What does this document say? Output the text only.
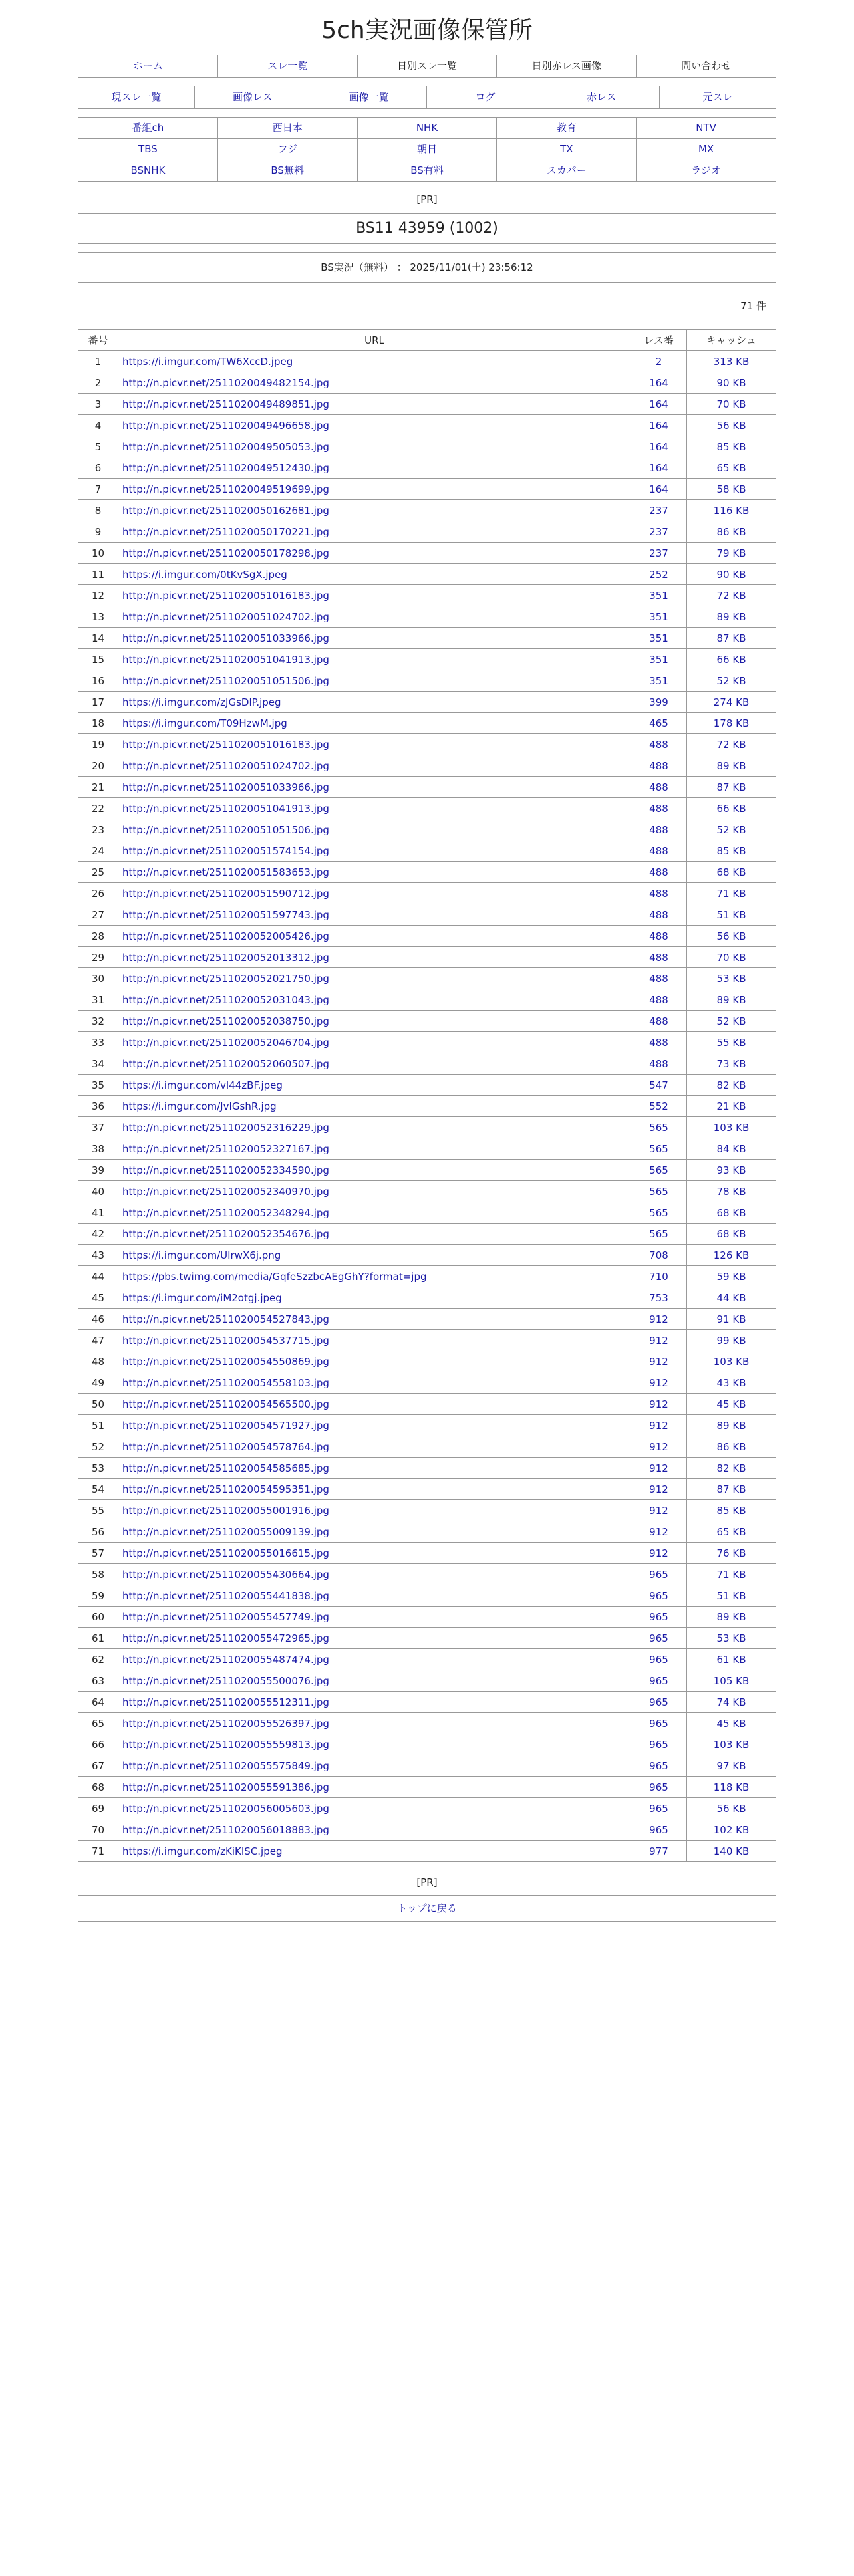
5ch実況画像保管所
ホーム	スレ一覧	日別スレ一覧	日別赤レス画像	問い合わせ
現スレ一覧	画像レス	画像一覧	ログ	赤レス	元スレ
番組ch	西日本	NHK	教育	NTV
TBS	フジ	朝日	TX	MX
BSNHK	BS無料	BS有料	スカパー	ラジオ
[PR]
BS11 43959 (1002)
BS実況（無料） ： 2025/11/01(土) 23:56:12
71 件
番号	URL	レス番	キャッシュ
1	https://i.imgur.com/TW6XccD.jpeg	2	313 KB
2	http://n.picvr.net/2511020049482154.jpg	164	90 KB
3	http://n.picvr.net/2511020049489851.jpg	164	70 KB
4	http://n.picvr.net/2511020049496658.jpg	164	56 KB
5	http://n.picvr.net/2511020049505053.jpg	164	85 KB
6	http://n.picvr.net/2511020049512430.jpg	164	65 KB
7	http://n.picvr.net/2511020049519699.jpg	164	58 KB
8	http://n.picvr.net/2511020050162681.jpg	237	116 KB
9	http://n.picvr.net/2511020050170221.jpg	237	86 KB
10	http://n.picvr.net/2511020050178298.jpg	237	79 KB
11	https://i.imgur.com/0tKvSgX.jpeg	252	90 KB
12	http://n.picvr.net/2511020051016183.jpg	351	72 KB
13	http://n.picvr.net/2511020051024702.jpg	351	89 KB
14	http://n.picvr.net/2511020051033966.jpg	351	87 KB
15	http://n.picvr.net/2511020051041913.jpg	351	66 KB
16	http://n.picvr.net/2511020051051506.jpg	351	52 KB
17	https://i.imgur.com/zJGsDlP.jpeg	399	274 KB
18	https://i.imgur.com/T09HzwM.jpg	465	178 KB
19	http://n.picvr.net/2511020051016183.jpg	488	72 KB
20	http://n.picvr.net/2511020051024702.jpg	488	89 KB
21	http://n.picvr.net/2511020051033966.jpg	488	87 KB
22	http://n.picvr.net/2511020051041913.jpg	488	66 KB
23	http://n.picvr.net/2511020051051506.jpg	488	52 KB
24	http://n.picvr.net/2511020051574154.jpg	488	85 KB
25	http://n.picvr.net/2511020051583653.jpg	488	68 KB
26	http://n.picvr.net/2511020051590712.jpg	488	71 KB
27	http://n.picvr.net/2511020051597743.jpg	488	51 KB
28	http://n.picvr.net/2511020052005426.jpg	488	56 KB
29	http://n.picvr.net/2511020052013312.jpg	488	70 KB
30	http://n.picvr.net/2511020052021750.jpg	488	53 KB
31	http://n.picvr.net/2511020052031043.jpg	488	89 KB
32	http://n.picvr.net/2511020052038750.jpg	488	52 KB
33	http://n.picvr.net/2511020052046704.jpg	488	55 KB
34	http://n.picvr.net/2511020052060507.jpg	488	73 KB
35	https://i.imgur.com/vl44zBF.jpeg	547	82 KB
36	https://i.imgur.com/JvIGshR.jpg	552	21 KB
37	http://n.picvr.net/2511020052316229.jpg	565	103 KB
38	http://n.picvr.net/2511020052327167.jpg	565	84 KB
39	http://n.picvr.net/2511020052334590.jpg	565	93 KB
40	http://n.picvr.net/2511020052340970.jpg	565	78 KB
41	http://n.picvr.net/2511020052348294.jpg	565	68 KB
42	http://n.picvr.net/2511020052354676.jpg	565	68 KB
43	https://i.imgur.com/UIrwX6j.png	708	126 KB
44	https://pbs.twimg.com/media/GqfeSzzbcAEgGhY?format=jpg	710	59 KB
45	https://i.imgur.com/iM2otgj.jpeg	753	44 KB
46	http://n.picvr.net/2511020054527843.jpg	912	91 KB
47	http://n.picvr.net/2511020054537715.jpg	912	99 KB
48	http://n.picvr.net/2511020054550869.jpg	912	103 KB
49	http://n.picvr.net/2511020054558103.jpg	912	43 KB
50	http://n.picvr.net/2511020054565500.jpg	912	45 KB
51	http://n.picvr.net/2511020054571927.jpg	912	89 KB
52	http://n.picvr.net/2511020054578764.jpg	912	86 KB
53	http://n.picvr.net/2511020054585685.jpg	912	82 KB
54	http://n.picvr.net/2511020054595351.jpg	912	87 KB
55	http://n.picvr.net/2511020055001916.jpg	912	85 KB
56	http://n.picvr.net/2511020055009139.jpg	912	65 KB
57	http://n.picvr.net/2511020055016615.jpg	912	76 KB
58	http://n.picvr.net/2511020055430664.jpg	965	71 KB
59	http://n.picvr.net/2511020055441838.jpg	965	51 KB
60	http://n.picvr.net/2511020055457749.jpg	965	89 KB
61	http://n.picvr.net/2511020055472965.jpg	965	53 KB
62	http://n.picvr.net/2511020055487474.jpg	965	61 KB
63	http://n.picvr.net/2511020055500076.jpg	965	105 KB
64	http://n.picvr.net/2511020055512311.jpg	965	74 KB
65	http://n.picvr.net/2511020055526397.jpg	965	45 KB
66	http://n.picvr.net/2511020055559813.jpg	965	103 KB
67	http://n.picvr.net/2511020055575849.jpg	965	97 KB
68	http://n.picvr.net/2511020055591386.jpg	965	118 KB
69	http://n.picvr.net/2511020056005603.jpg	965	56 KB
70	http://n.picvr.net/2511020056018883.jpg	965	102 KB
71	https://i.imgur.com/zKiKISC.jpeg	977	140 KB
[PR]
トップに戻る
